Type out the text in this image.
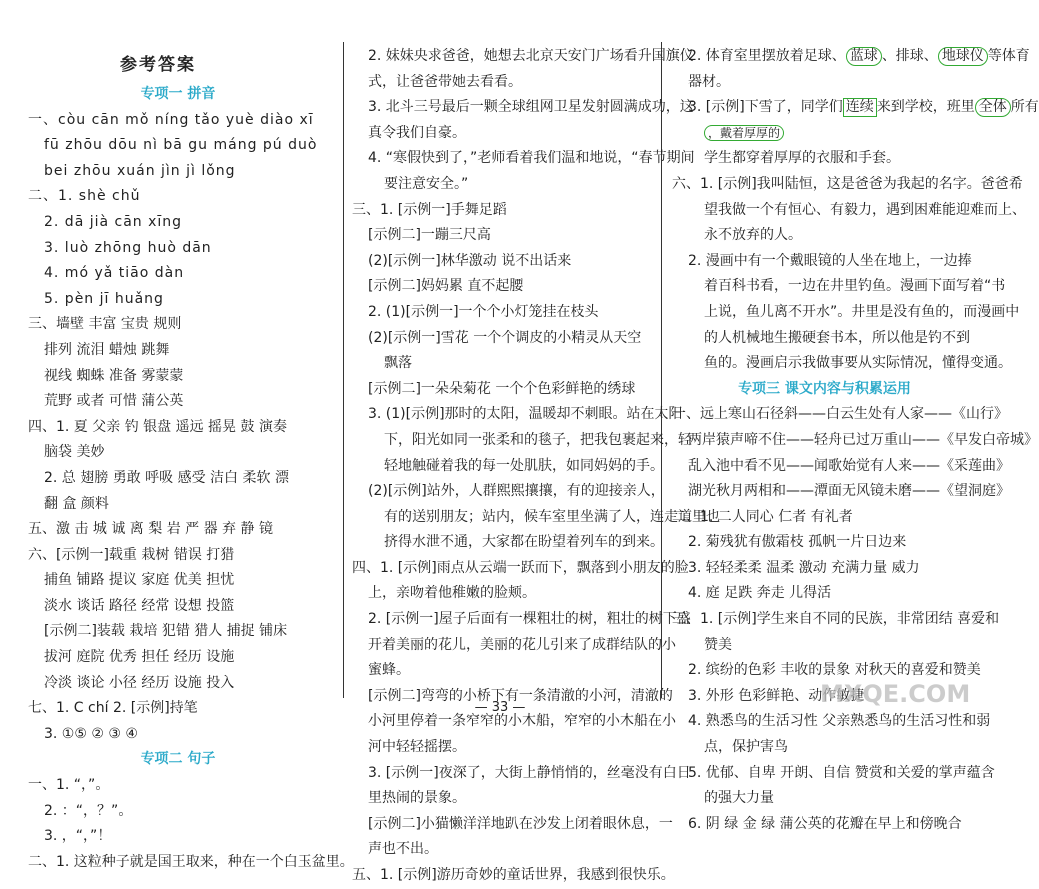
参考答案
专项一 拼音
一、còu cān mǒ níng tǎo yuè diào xī
fū zhōu dōu nì bā gu máng pú duò
bei zhōu xuán jìn jì lǒng
二、1. shè chǔ
2. dā jià cān xīng
3. luò zhōng huò dān
4. mó yǎ tiāo dàn
5. pèn jī huǎng
三、墙壁 丰富 宝贵 规则
排列 流泪 蜡烛 跳舞
视线 蜘蛛 准备 雾蒙蒙
荒野 或者 可惜 蒲公英
四、1. 夏 父亲 钓 银盘 遥远 摇晃 鼓 演奏
脑袋 美妙
2. 总 翅膀 勇敢 呼吸 感受 洁白 柔软 漂
翻 盒 颜料
五、激 击 城 诚 离 梨 岩 严 器 弃 静 镜
六、[示例一]载重 栽树 错误 打猎
捕鱼 铺路 提议 家庭 优美 担忧
淡水 谈话 路径 经常 设想 投篮
[示例二]装载 栽培 犯错 猎人 捕捉 铺床
拔河 庭院 优秀 担任 经历 设施
冷淡 谈论 小径 经历 设施 投入
七、1. C chí 2. [示例]持笔
3. ①⑤ ② ③ ④
专项二 句子
一、1. “，”。
2. ：“，？”。
3. ，“，”！
二、1. 这粒种子就是国王取来，种在一个白玉盆里。
2. 妹妹央求爸爸，她想去北京天安门广场看升国旗仪
式，让爸爸带她去看看。
3. 北斗三号最后一颗全球组网卫星发射圆满成功，这
真令我们自豪。
4. “寒假快到了，”老师看着我们温和地说，“春节期间
要注意安全。”
三、1. [示例一]手舞足蹈
[示例二]一蹦三尺高
(2)[示例一]林华激动 说不出话来
[示例二]妈妈累 直不起腰
2. (1)[示例一]一个个小灯笼挂在枝头
(2)[示例一]雪花 一个个调皮的小精灵从天空
飘落
[示例二]一朵朵菊花 一个个色彩鲜艳的绣球
3. (1)[示例]那时的太阳，温暖却不刺眼。站在太阳
下，阳光如同一张柔和的毯子，把我包裹起来，轻
轻地触碰着我的每一处肌肤，如同妈妈的手。
(2)[示例]站外，人群熙熙攘攘，有的迎接亲人，
有的送别朋友；站内，候车室里坐满了人，连走道里也
挤得水泄不通，大家都在盼望着列车的到来。
四、1. [示例]雨点从云端一跃而下，飘落到小朋友的脸
上，亲吻着他稚嫩的脸颊。
2. [示例一]屋子后面有一棵粗壮的树，粗壮的树下盛
开着美丽的花儿，美丽的花儿引来了成群结队的小
蜜蜂。
[示例二]弯弯的小桥下有一条清澈的小河，清澈的
小河里停着一条窄窄的小木船，窄窄的小木船在小
河中轻轻摇摆。
3. [示例一]夜深了，大街上静悄悄的，丝毫没有白日
里热闹的景象。
[示例二]小猫懒洋洋地趴在沙发上闭着眼休息，一
声也不出。
五、1. [示例]游历奇妙的童话世界，我感到很快乐。
2. 体育室里摆放着足球、 蓝球 、排球、 地球仪 等体育
器材。
3. [示例]下雪了，同学们 连续 来到学校，班里 全体 所有
，戴着厚厚的
学生都穿着厚厚的衣服和手套。
六、1. [示例]我叫陆恒，这是爸爸为我起的名字。爸爸希
望我做一个有恒心、有毅力，遇到困难能迎难而上、
永不放弃的人。
2. 漫画中有一个戴眼镜的人坐在地上，一边捧
着百科书看，一边在井里钓鱼。漫画下面写着“书
上说，鱼儿离不开水”。井里是没有鱼的，而漫画中
的人机械地生搬硬套书本，所以他是钓不到
鱼的。漫画启示我做事要从实际情况，懂得变通。
专项三 课文内容与积累运用
一、远上寒山石径斜——白云生处有人家——《山行》
两岸猿声啼不住——轻舟已过万重山——《早发白帝城》
乱入池中看不见——闻歌始觉有人来——《采莲曲》
湖光秋月两相和——潭面无风镜未磨——《望洞庭》
二、1. 二人同心 仁者 有礼者
2. 菊残犹有傲霜枝 孤帆一片日边来
3. 轻轻柔柔 温柔 激动 充满力量 威力
4. 庭 足跌 奔走 儿得活
三、1. [示例]学生来自不同的民族，非常团结 喜爱和
赞美
2. 缤纷的色彩 丰收的景象 对秋天的喜爱和赞美
3. 外形 色彩鲜艳、动作敏捷
4. 熟悉鸟的生活习性 父亲熟悉鸟的生活习性和弱
点，保护害鸟
5. 优郁、自卑 开朗、自信 赞赏和关爱的掌声蕴含
的强大力量
6. 阴 绿 金 绿 蒲公英的花瓣在早上和傍晚合
— 33 —	MXQE.COM
